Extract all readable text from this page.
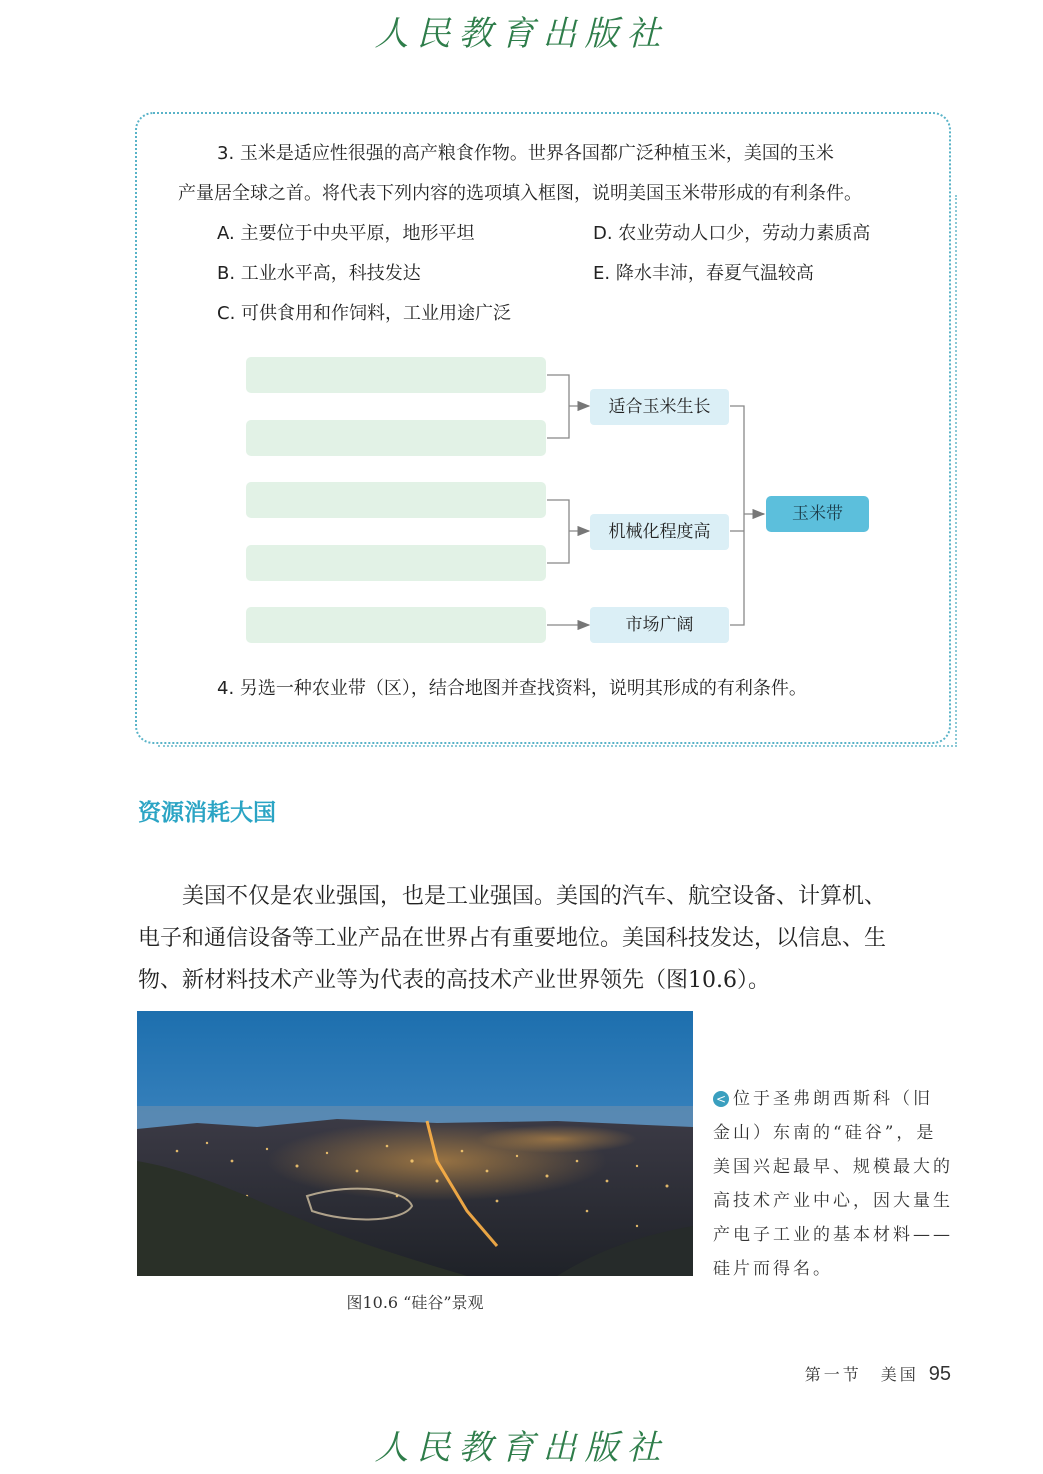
人民教育出版社
3. 玉米是适应性很强的高产粮食作物。世界各国都广泛种植玉米，美国的玉米
产量居全球之首。将代表下列内容的选项填入框图，说明美国玉米带形成的有利条件。
A. 主要位于中央平原，地形平坦	D. 农业劳动人口少，劳动力素质高
B. 工业水平高，科技发达	E. 降水丰沛，春夏气温较高
C. 可供食用和作饲料，工业用途广泛
适合玉米生长
机械化程度高
市场广阔
玉米带
4. 另选一种农业带（区），结合地图并查找资料，说明其形成的有利条件。
资源消耗大国

　　美国不仅是农业强国，也是工业强国。美国的汽车、航空设备、计算机、

电子和通信设备等工业产品在世界占有重要地位。美国科技发达，以信息、生

物、新材料技术产业等为代表的高技术产业世界领先（图10.6）。

< 位于圣弗朗西斯科（旧

金山）东南的“硅谷”，是

美国兴起最早、规模最大的

高技术产业中心，因大量生

产电子工业的基本材料——

硅片而得名。

图10.6 “硅谷”景观
第一节　美国 95
人民教育出版社
